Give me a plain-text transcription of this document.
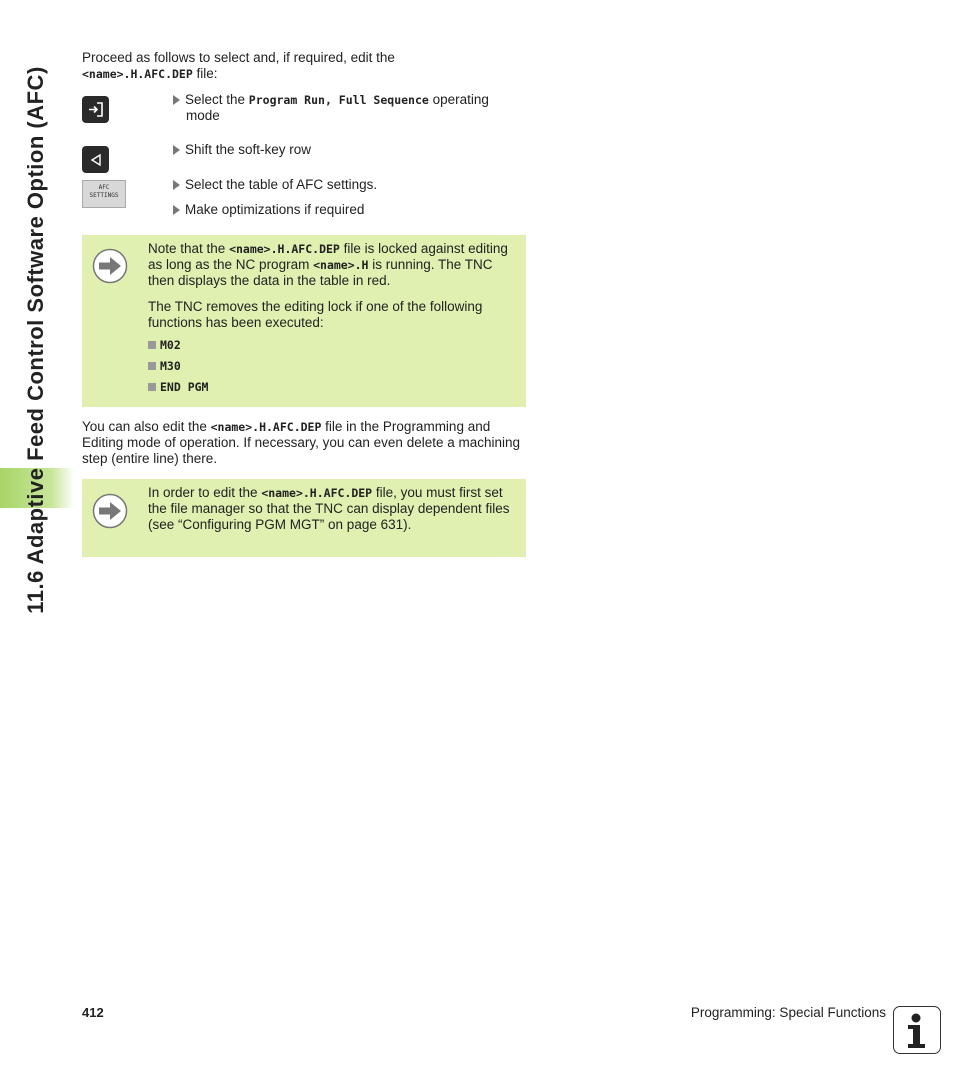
11.6 Adaptive Feed Control Software Option (AFC)
Proceed as follows to select and, if required, edit the
<name>.H.AFC.DEP file:
AFC
SETTINGS
Select the Program Run, Full Sequence operating
mode
Shift the soft-key row
Select the table of AFC settings.
Make optimizations if required

Note that the <name>.H.AFC.DEP file is locked against editing as long as the NC program <name>.H is running. The TNC then displays the data in the table in red.

The TNC removes the editing lock if one of the following functions has been executed:

M02
M30
END PGM
You can also edit the <name>.H.AFC.DEP file in the Programming and Editing mode of operation. If necessary, you can even delete a machining step (entire line) there.
In order to edit the <name>.H.AFC.DEP file, you must first set the file manager so that the TNC can display dependent files (see “Configuring PGM MGT” on page 631).
412	Programming: Special Functions
